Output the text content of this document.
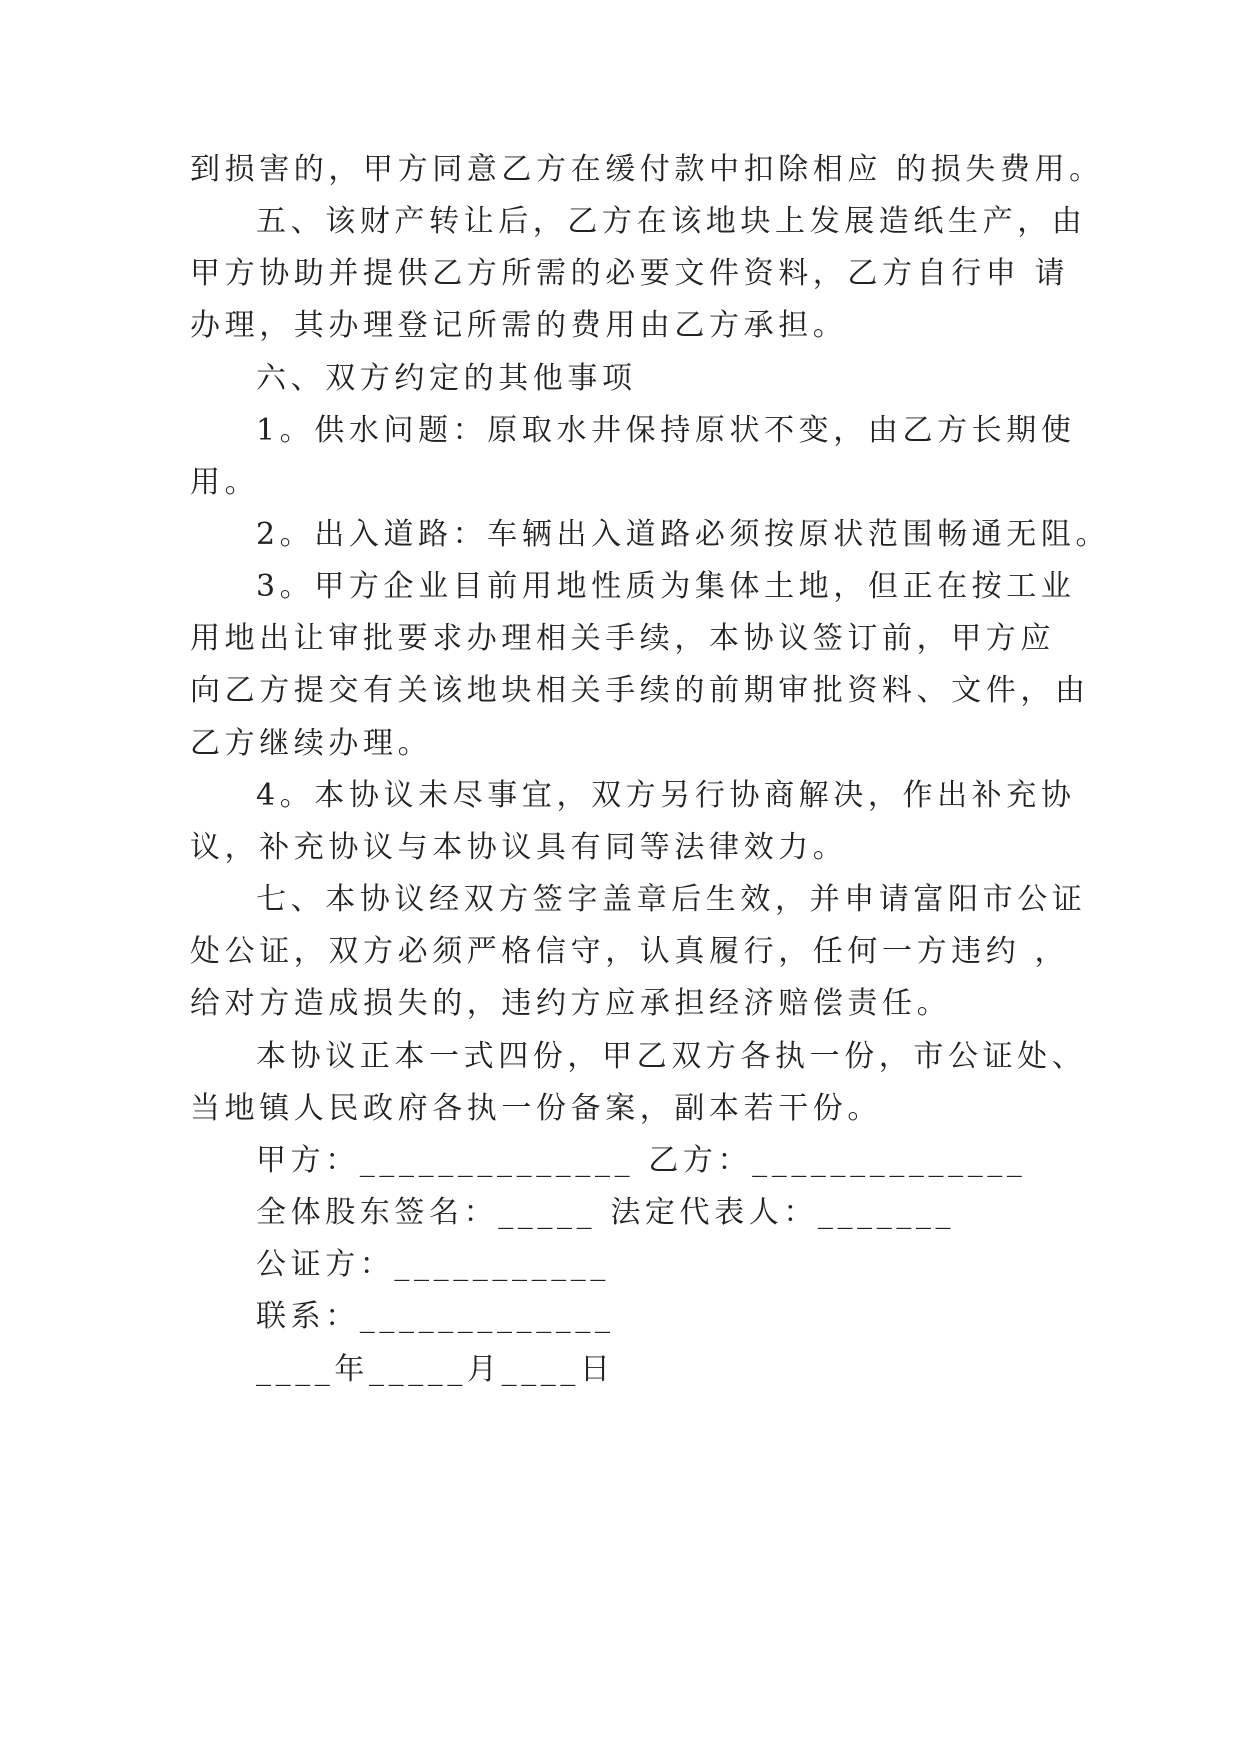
到损害的，甲方同意乙方在缓付款中扣除相应 的损失费用。
五、该财产转让后，乙方在该地块上发展造纸生产，由
甲方协助并提供乙方所需的必要文件资料，乙方自行申 请
办理，其办理登记所需的费用由乙方承担。
六、双方约定的其他事项
1。供水问题：原取水井保持原状不变，由乙方长期使
用。
2。出入道路：车辆出入道路必须按原状范围畅通无阻。
3。甲方企业目前用地性质为集体土地，但正在按工业
用地出让审批要求办理相关手续，本协议签订前，甲方应
向乙方提交有关该地块相关手续的前期审批资料、文件，由
乙方继续办理。
4。本协议未尽事宜，双方另行协商解决，作出补充协
议，补充协议与本协议具有同等法律效力。
七、本协议经双方签字盖章后生效，并申请富阳市公证
处公证，双方必须严格信守，认真履行，任何一方违约 ，
给对方造成损失的，违约方应承担经济赔偿责任。
本协议正本一式四份，甲乙双方各执一份，市公证处、
当地镇人民政府各执一份备案，副本若干份。
甲方：______________ 乙方：______________
全体股东签名：_____ 法定代表人：_______
公证方：___________
联系：_____________
____年_____月____日
